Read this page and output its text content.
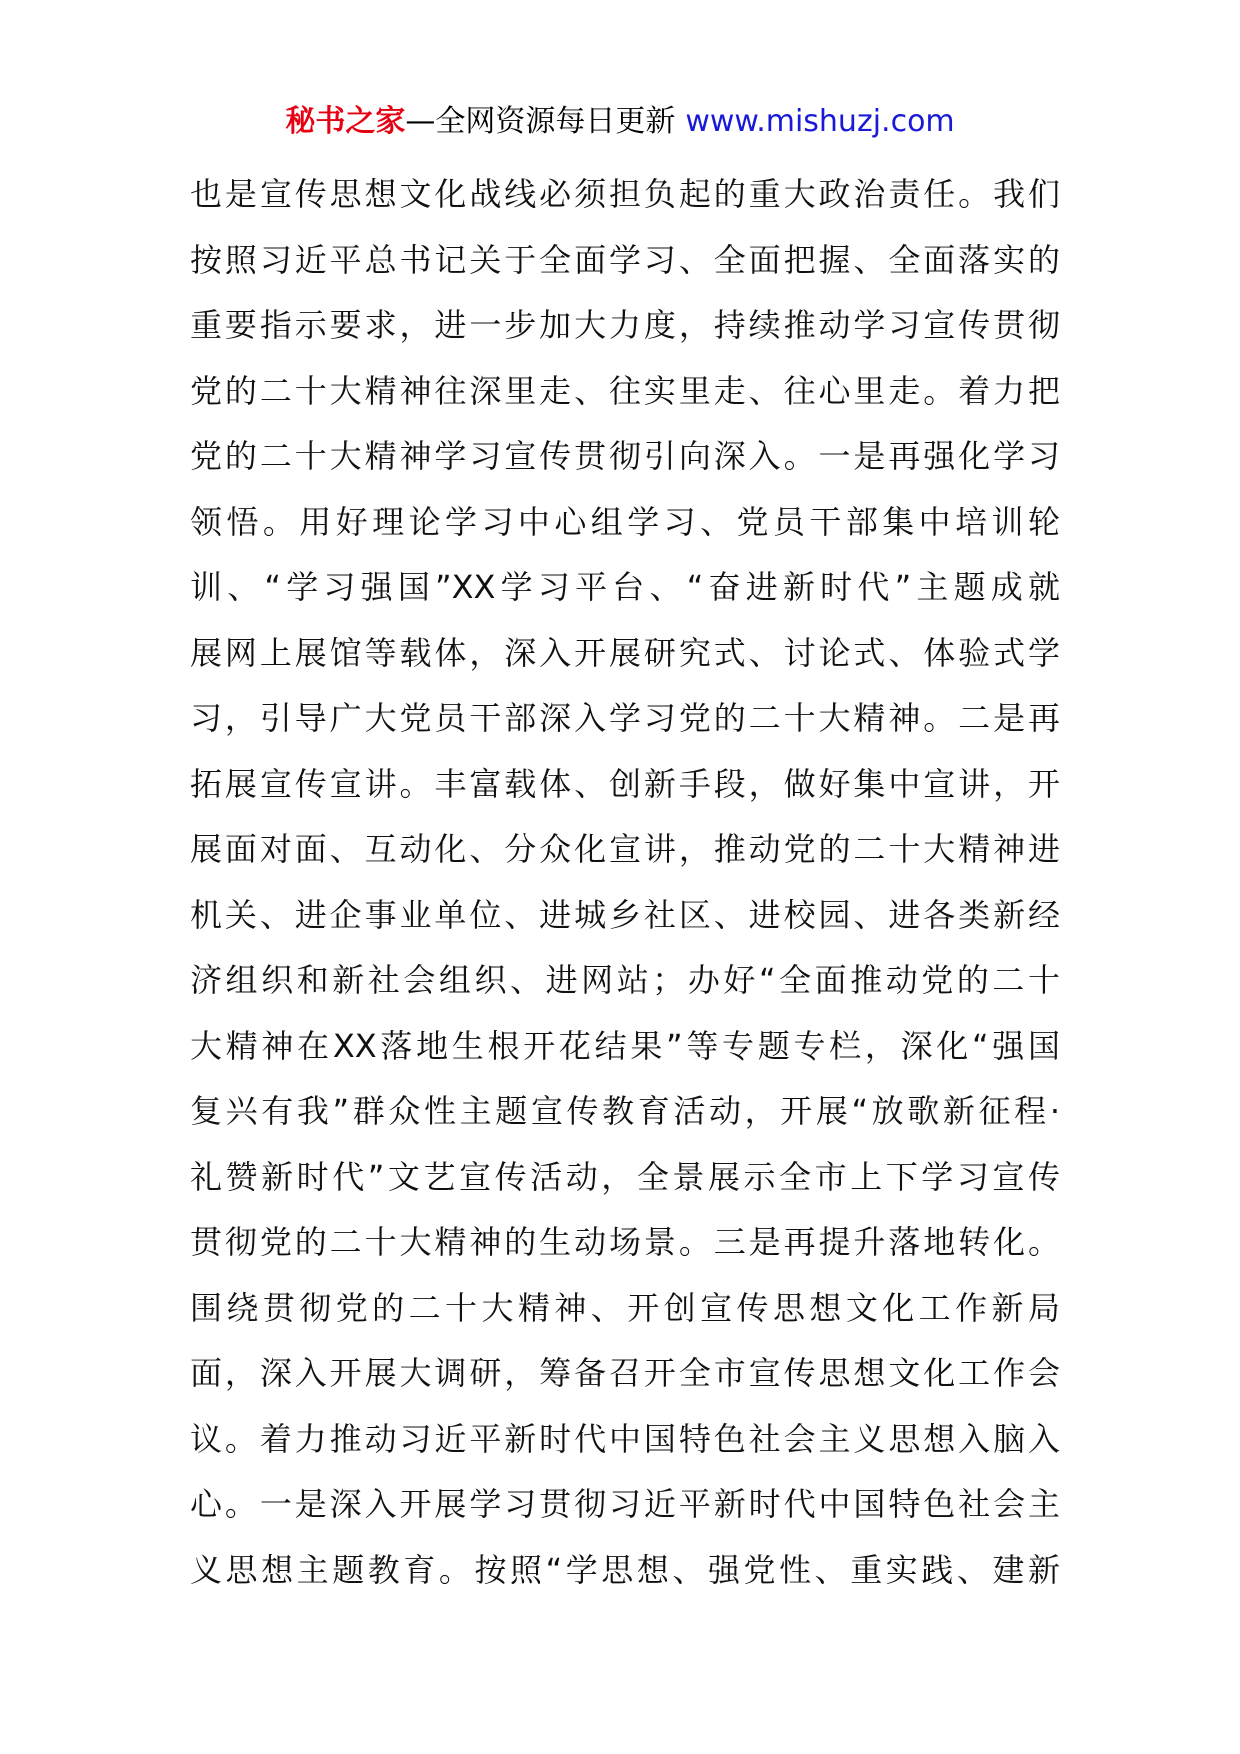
秘书之家—全网资源每日更新 www.mishuzj.com
也是宣传思想文化战线必须担负起的重大政治责任。我们
按照习近平总书记关于全面学习、全面把握、全面落实的
重要指示要求，进一步加大力度，持续推动学习宣传贯彻
党的二十大精神往深里走、往实里走、往心里走。着力把
党的二十大精神学习宣传贯彻引向深入。一是再强化学习
领悟。用好理论学习中心组学习、党员干部集中培训轮
训、“学习强国”XX学习平台、“奋进新时代”主题成就
展网上展馆等载体，深入开展研究式、讨论式、体验式学
习，引导广大党员干部深入学习党的二十大精神。二是再
拓展宣传宣讲。丰富载体、创新手段，做好集中宣讲，开
展面对面、互动化、分众化宣讲，推动党的二十大精神进
机关、进企事业单位、进城乡社区、进校园、进各类新经
济组织和新社会组织、进网站；办好“全面推动党的二十
大精神在XX落地生根开花结果”等专题专栏，深化“强国
复兴有我”群众性主题宣传教育活动，开展“放歌新征程·
礼赞新时代”文艺宣传活动，全景展示全市上下学习宣传
贯彻党的二十大精神的生动场景。三是再提升落地转化。
围绕贯彻党的二十大精神、开创宣传思想文化工作新局
面，深入开展大调研，筹备召开全市宣传思想文化工作会
议。着力推动习近平新时代中国特色社会主义思想入脑入
心。一是深入开展学习贯彻习近平新时代中国特色社会主
义思想主题教育。按照“学思想、强党性、重实践、建新
